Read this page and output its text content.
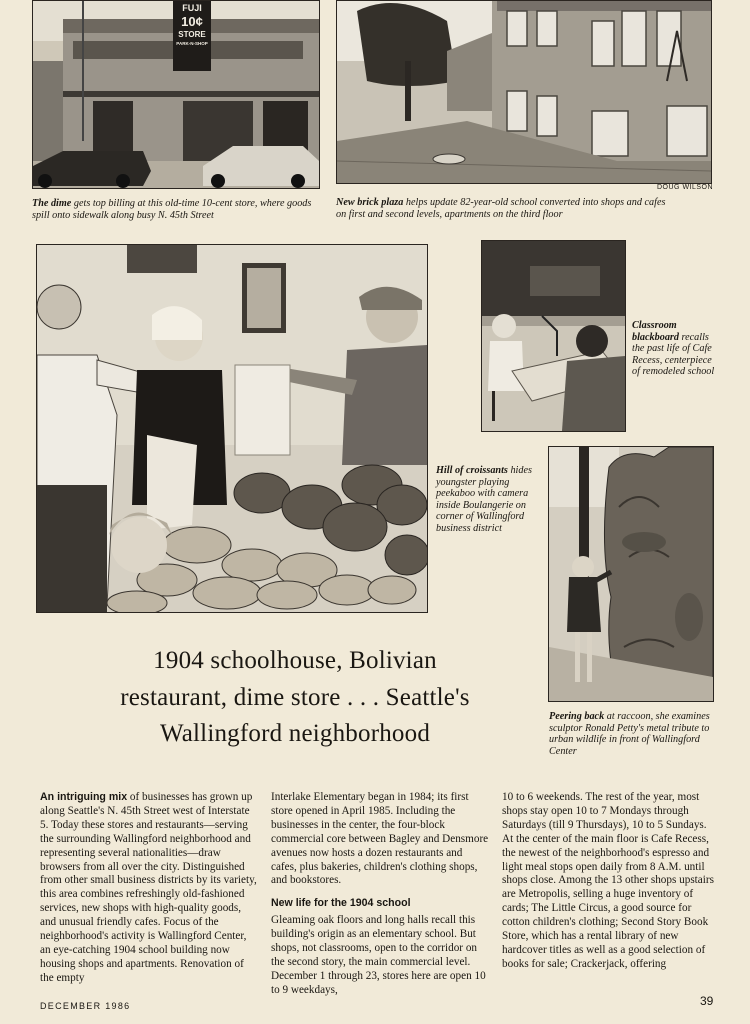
FUJI
10¢
STORE
PARK-N-SHOP
DOUG WILSON
The dime gets top billing at this old-time 10-cent store, where goods spill onto sidewalk along busy N. 45th Street
New brick plaza helps update 82-year-old school converted into shops and cafes on first and second levels, apartments on the third floor
Classroom blackboard recalls the past life of Cafe Recess, centerpiece of remodeled school
Hill of croissants hides youngster playing peekaboo with camera inside Boulangerie on corner of Wallingford business district
Peering back at raccoon, she examines sculptor Ronald Petty's metal tribute to urban wildlife in front of Wallingford Center
1904 schoolhouse, Bolivian
restaurant, dime store . . . Seattle's
Wallingford neighborhood

An intriguing mix of businesses has grown up along Seattle's N. 45th Street west of Interstate 5. Today these stores and restaurants—serving the surrounding Wallingford neighborhood and representing several nationalities—draw browsers from all over the city. Distinguished from other small business districts by its variety, this area combines refreshingly old-fashioned services, new shops with high-quality goods, and unusual friendly cafes. Focus of the neighborhood's activity is Wallingford Center, an eye-catching 1904 school building now housing shops and apartments. Renovation of the empty

Interlake Elementary began in 1984; its first store opened in April 1985. Including the businesses in the center, the four-block commercial core between Bagley and Densmore avenues now hosts a dozen restaurants and cafes, plus bakeries, children's clothing shops, and bookstores.

New life for the 1904 school

Gleaming oak floors and long halls recall this building's origin as an elementary school. But shops, not classrooms, open to the corridor on the second story, the main commercial level. December 1 through 23, stores here are open 10 to 9 weekdays,

10 to 6 weekends. The rest of the year, most shops stay open 10 to 7 Mondays through Saturdays (till 9 Thursdays), 10 to 5 Sundays.

At the center of the main floor is Cafe Recess, the newest of the neighborhood's espresso and light meal stops open daily from 8 A.M. until shops close. Among the 13 other shops upstairs are Metropolis, selling a huge inventory of cards; The Little Circus, a good source for cotton children's clothing; Second Story Book Store, which has a rental library of new hardcover titles as well as a good selection of books for sale; Crackerjack, offering

DECEMBER 1986	39
